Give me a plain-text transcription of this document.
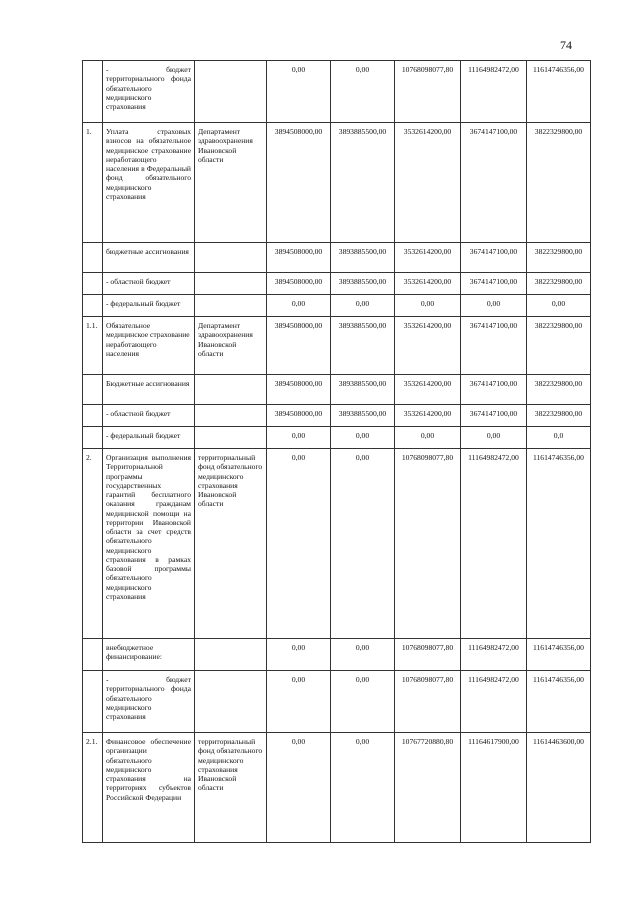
74
	- бюджет территориального фонда обязательного медицинского страхования		0,00	0,00	10768098077,80	11164982472,00	11614746356,00
1.	Уплата страховых взносов на обязательное медицинское страхование неработающего населения в Федеральный фонд обязательного медицинского страхования	Департамент здравоохранения Ивановской области	3894508000,00	3893885500,00	3532614200,00	3674147100,00	3822329800,00
	бюджетные ассигнования		3894508000,00	3893885500,00	3532614200,00	3674147100,00	3822329800,00
	- областной бюджет		3894508000,00	3893885500,00	3532614200,00	3674147100,00	3822329800,00
	- федеральный бюджет		0,00	0,00	0,00	0,00	0,00
1.1.	Обязательное медицинское страхование неработающего населения	Департамент здравоохранения Ивановской области	3894508000,00	3893885500,00	3532614200,00	3674147100,00	3822329800,00
	Бюджетные ассигнования		3894508000,00	3893885500,00	3532614200,00	3674147100,00	3822329800,00
	- областной бюджет		3894508000,00	3893885500,00	3532614200,00	3674147100,00	3822329800,00
	- федеральный бюджет		0,00	0,00	0,00	0,00	0,0
2.	Организация выполнения Территориальной программы государственных гарантий бесплатного оказания гражданам медицинской помощи на территории Ивановской области за счет средств обязательного медицинского страхования в рамках базовой программы обязательного медицинского страхования	территориальный фонд обязательного медицинского страхования Ивановской области	0,00	0,00	10768098077,80	11164982472,00	11614746356,00
	внебюджетное финансирование:		0,00	0,00	10768098077,80	11164982472,00	11614746356,00
	- бюджет территориального фонда обязательного медицинского страхования		0,00	0,00	10768098077,80	11164982472,00	11614746356,00
2.1.	Финансовое обеспечение организации обязательного медицинского страхования на территориях субъектов Российской Федерации	территориальный фонд обязательного медицинского страхования Ивановской области	0,00	0,00	10767720880,80	11164617900,00	11614463600,00
